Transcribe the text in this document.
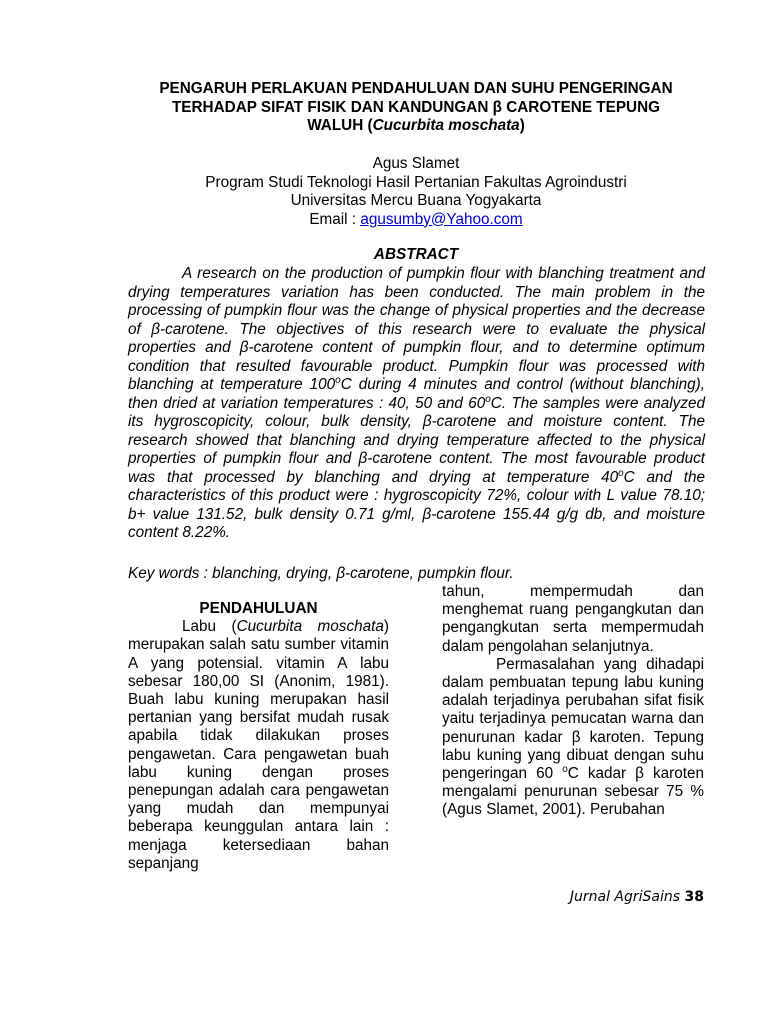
PENGARUH PERLAKUAN PENDAHULUAN DAN SUHU PENGERINGAN

TERHADAP SIFAT FISIK DAN KANDUNGAN β CAROTENE TEPUNG

WALUH (Cucurbita moschata)

Agus Slamet

Program Studi Teknologi Hasil Pertanian Fakultas Agroindustri

Universitas Mercu Buana Yogyakarta

Email : agusumby@Yahoo.com

ABSTRACT

A research on the production of pumpkin flour with blanching treatment and drying temperatures variation has been conducted. The main problem in the processing of pumpkin flour was the change of physical properties and the decrease of β-carotene. The objectives of this research were to evaluate the physical properties and β-carotene content of pumpkin flour, and to determine optimum condition that resulted favourable product. Pumpkin flour was processed with blanching at temperature 100$^o$C during 4 minutes and control (without blanching), then dried at variation temperatures : 40, 50 and 60$^o$C. The samples were analyzed its hygroscopicity, colour, bulk density, β-carotene and moisture content. The research showed that blanching and drying temperature affected to the physical properties of pumpkin flour and β-carotene content. The most favourable product was that processed by blanching and drying at temperature 40$^o$C and the characteristics of this product were : hygroscopicity 72%, colour with L value 78.10; b+ value 131.52, bulk density 0.71 g/ml, β-carotene 155.44 g/g db, and moisture content 8.22%.

Key words : blanching, drying, β-carotene, pumpkin flour.

PENDAHULUAN

Labu (Cucurbita moschata) merupakan salah satu sumber vitamin A yang potensial. vitamin A labu sebesar 180,00 SI (Anonim, 1981). Buah labu kuning merupakan hasil pertanian yang bersifat mudah rusak apabila tidak dilakukan proses pengawetan. Cara pengawetan buah labu kuning dengan proses penepungan adalah cara pengawetan yang mudah dan mempunyai beberapa keunggulan antara lain : menjaga ketersediaan bahan sepanjang

tahun, mempermudah dan menghemat ruang pengangkutan dan pengangkutan serta mempermudah dalam pengolahan selanjutnya.

Permasalahan yang dihadapi dalam pembuatan tepung labu kuning adalah terjadinya perubahan sifat fisik yaitu terjadinya pemucatan warna dan penurunan kadar β karoten. Tepung labu kuning yang dibuat dengan suhu pengeringan 60 $^o$C kadar β karoten mengalami penurunan sebesar 75 % (Agus Slamet, 2001). Perubahan

Jurnal AgriSains 38
